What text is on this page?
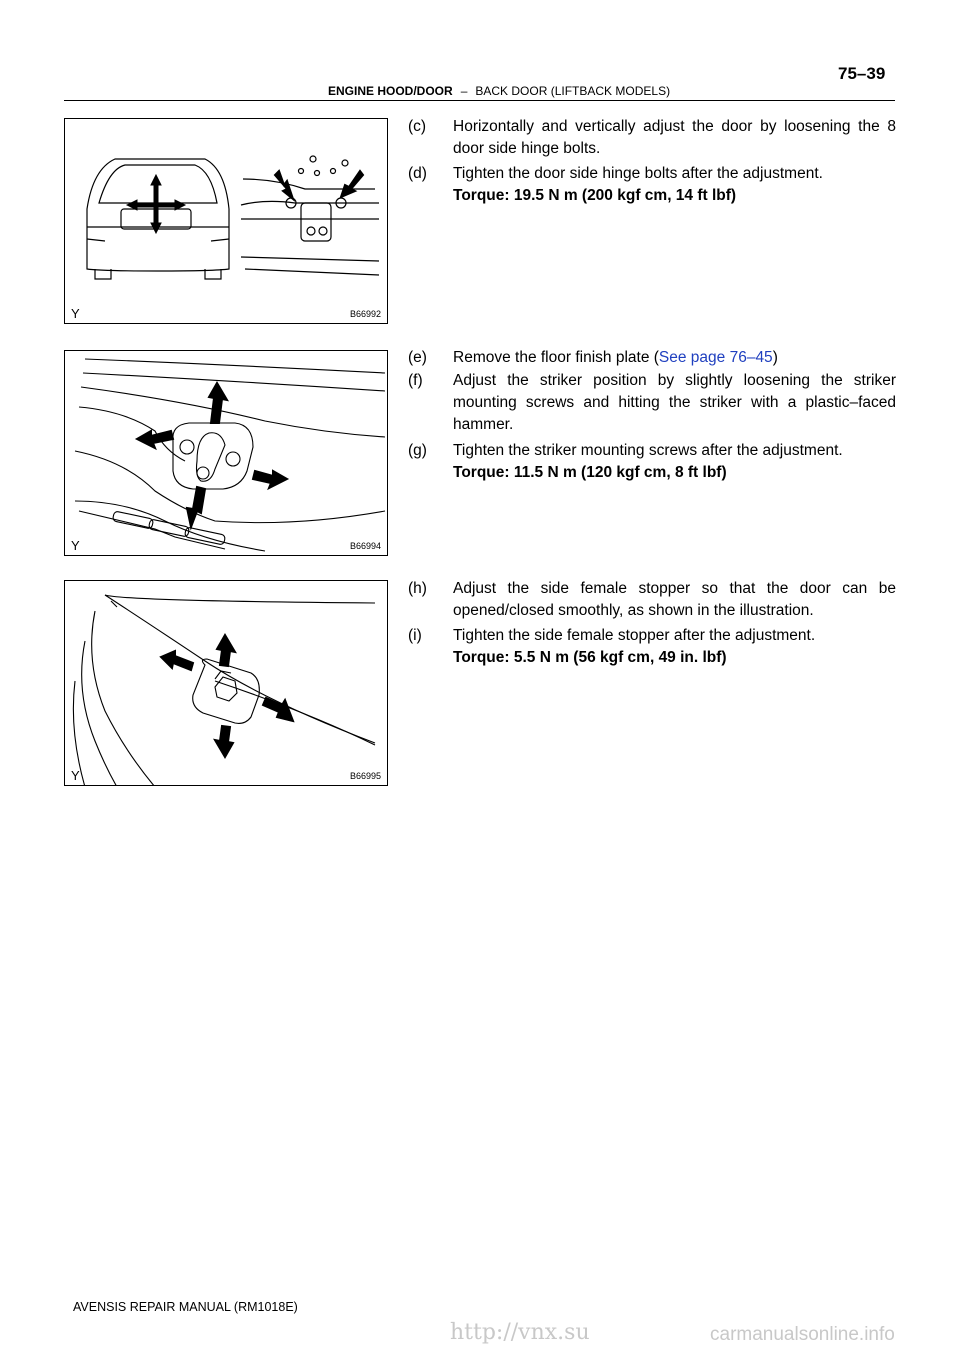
75–39
ENGINE HOOD/DOOR – BACK DOOR (LIFTBACK MODELS)
Y	B66992
Y	B66994
Y	B66995
(c) Horizontally and vertically adjust the door by loosening the 8 door side hinge bolts.
(d) Tighten the door side hinge bolts after the adjustment.
Torque: 19.5 N m (200 kgf cm, 14 ft lbf)
(e) Remove the floor finish plate (See page 76–45)
(f) Adjust the striker position by slightly loosening the striker mounting screws and hitting the striker with a plastic–faced hammer.
(g) Tighten the striker mounting screws after the adjustment.
Torque: 11.5 N m (120 kgf cm, 8 ft lbf)
(h) Adjust the side female stopper so that the door can be opened/closed smoothly, as shown in the illustration.
(i) Tighten the side female stopper after the adjustment.
Torque: 5.5 N m (56 kgf cm, 49 in. lbf)
AVENSIS REPAIR MANUAL (RM1018E)
http://vnx.su	carmanualsonline.info
